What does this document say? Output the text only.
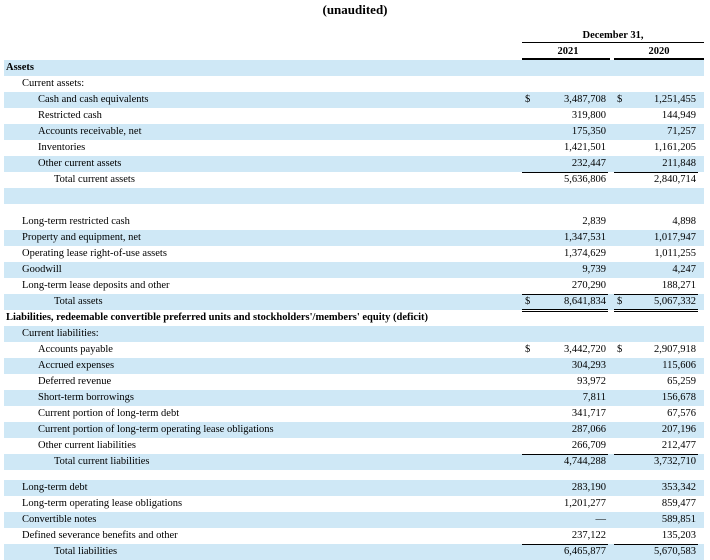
(unaudited)
December 31,
2021	2020
Assets
Current assets:
Cash and cash equivalents	$	3,487,708 $	1,251,455
Restricted cash	319,800	144,949
Accounts receivable, net	175,350	71,257
Inventories	1,421,501	1,161,205
Other current assets	232,447	211,848
Total current assets	5,636,806	2,840,714
Long-term restricted cash	2,839	4,898
Property and equipment, net	1,347,531	1,017,947
Operating lease right-of-use assets	1,374,629	1,011,255
Goodwill	9,739	4,247
Long-term lease deposits and other	270,290	188,271
Total assets	$	8,641,834 $	5,067,332
Liabilities, redeemable convertible preferred units and stockholders'/members' equity (deficit)
Current liabilities:
Accounts payable	$	3,442,720 $	2,907,918
Accrued expenses	304,293	115,606
Deferred revenue	93,972	65,259
Short-term borrowings	7,811	156,678
Current portion of long-term debt	341,717	67,576
Current portion of long-term operating lease obligations	287,066	207,196
Other current liabilities	266,709	212,477
Total current liabilities	4,744,288	3,732,710
Long-term debt	283,190	353,342
Long-term operating lease obligations	1,201,277	859,477
Convertible notes	—	589,851
Defined severance benefits and other	237,122	135,203
Total liabilities	6,465,877	5,670,583
